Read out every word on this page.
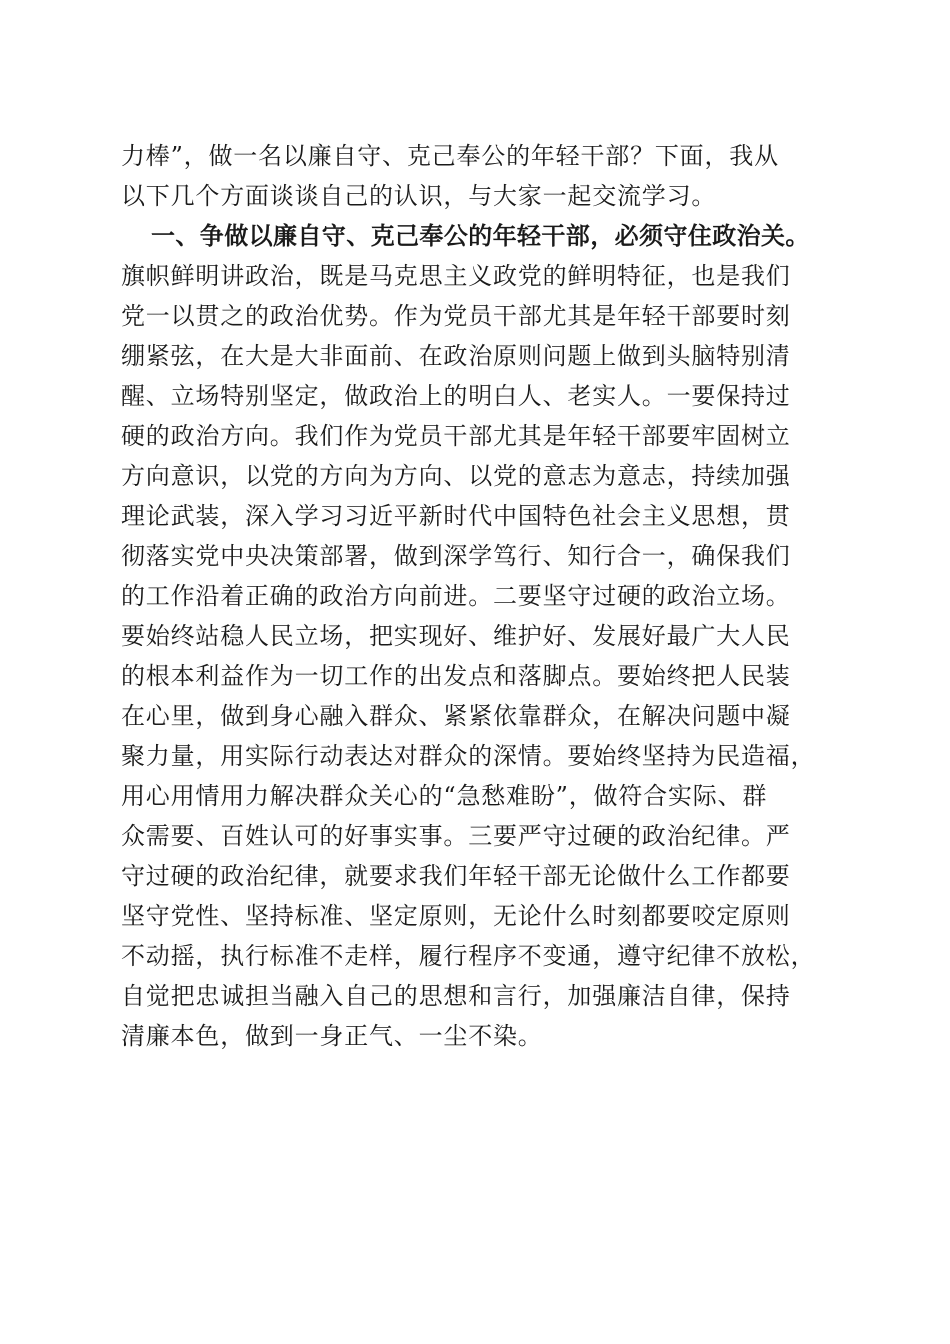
力棒”，做一名以廉自守、克己奉公的年轻干部？下面，我从
以下几个方面谈谈自己的认识，与大家一起交流学习。
一、争做以廉自守、克己奉公的年轻干部，必须守住政治关。
旗帜鲜明讲政治，既是马克思主义政党的鲜明特征，也是我们
党一以贯之的政治优势。作为党员干部尤其是年轻干部要时刻
绷紧弦，在大是大非面前、在政治原则问题上做到头脑特别清
醒、立场特别坚定，做政治上的明白人、老实人。一要保持过
硬的政治方向。我们作为党员干部尤其是年轻干部要牢固树立
方向意识，以党的方向为方向、以党的意志为意志，持续加强
理论武装，深入学习习近平新时代中国特色社会主义思想，贯
彻落实党中央决策部署，做到深学笃行、知行合一，确保我们
的工作沿着正确的政治方向前进。二要坚守过硬的政治立场。
要始终站稳人民立场，把实现好、维护好、发展好最广大人民
的根本利益作为一切工作的出发点和落脚点。要始终把人民装
在心里，做到身心融入群众、紧紧依靠群众，在解决问题中凝
聚力量，用实际行动表达对群众的深情。要始终坚持为民造福，
用心用情用力解决群众关心的“急愁难盼”，做符合实际、群
众需要、百姓认可的好事实事。三要严守过硬的政治纪律。严
守过硬的政治纪律，就要求我们年轻干部无论做什么工作都要
坚守党性、坚持标准、坚定原则，无论什么时刻都要咬定原则
不动摇，执行标准不走样，履行程序不变通，遵守纪律不放松，
自觉把忠诚担当融入自己的思想和言行，加强廉洁自律，保持
清廉本色，做到一身正气、一尘不染。
